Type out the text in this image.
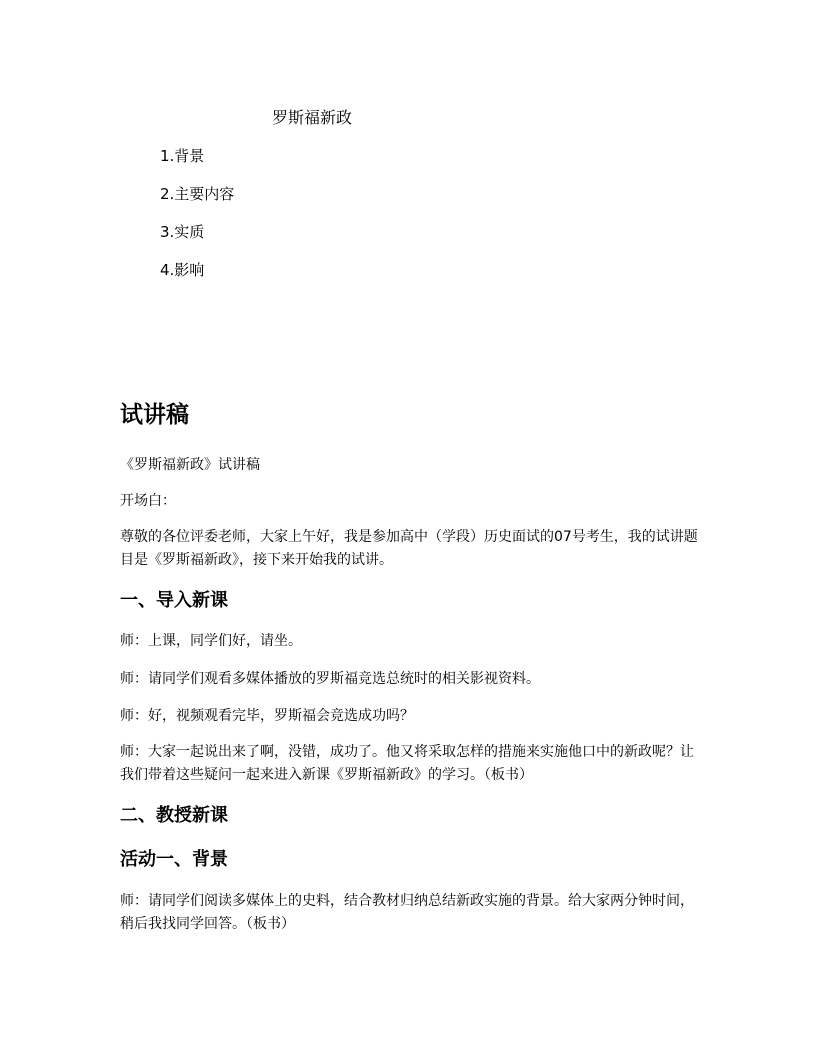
罗斯福新政
1.背景
2.主要内容
3.实质
4.影响
试讲稿

《罗斯福新政》试讲稿

开场白：

尊敬的各位评委老师，大家上午好，我是参加高中（学段）历史面试的07号考生，我的试讲题目是《罗斯福新政》，接下来开始我的试讲。

一、导入新课

师：上课，同学们好，请坐。

师：请同学们观看多媒体播放的罗斯福竞选总统时的相关影视资料。

师：好，视频观看完毕，罗斯福会竞选成功吗？

师：大家一起说出来了啊，没错，成功了。他又将采取怎样的措施来实施他口中的新政呢？让我们带着这些疑问一起来进入新课《罗斯福新政》的学习。（板书）

二、教授新课
活动一、背景

师：请同学们阅读多媒体上的史料，结合教材归纳总结新政实施的背景。给大家两分钟时间，稍后我找同学回答。（板书）
